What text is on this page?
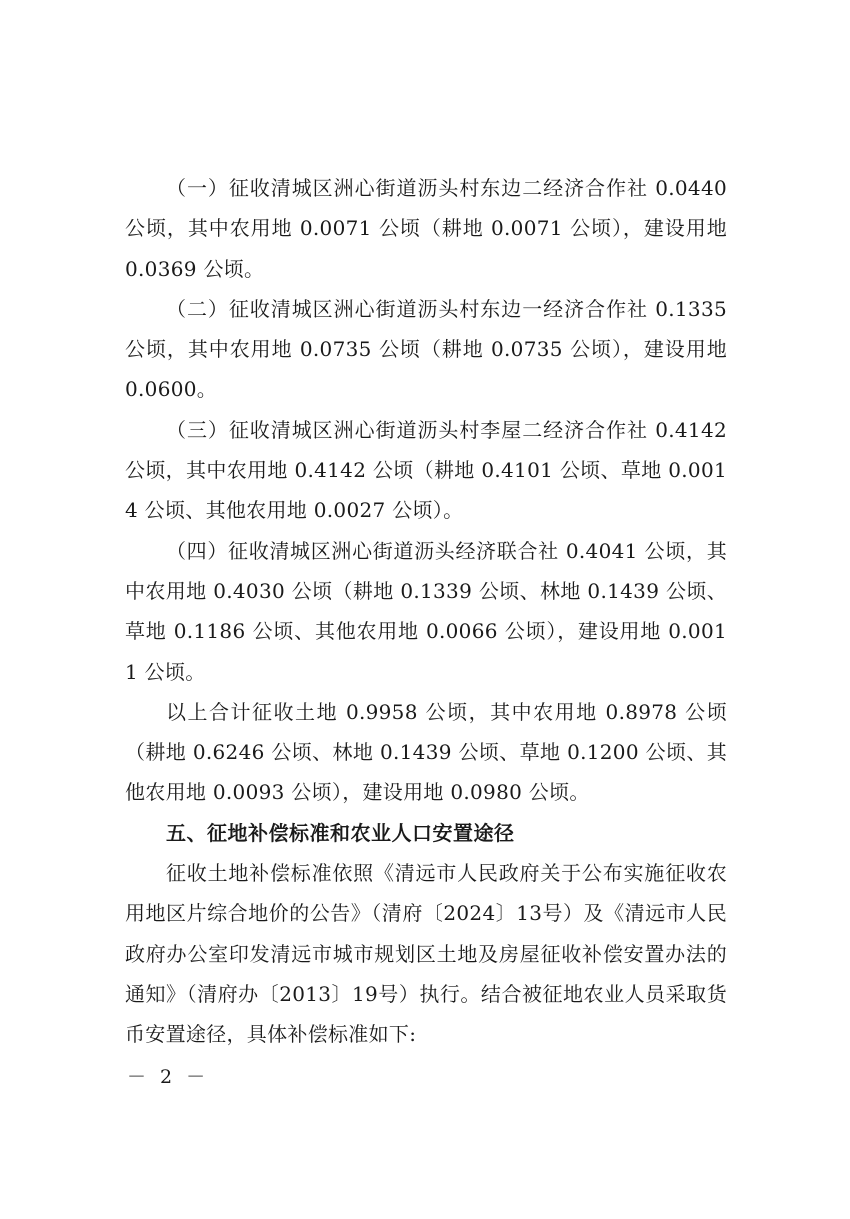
（一）征收清城区洲心街道沥头村东边二经济合作社 0.0440 公顷，其中农用地 0.0071 公顷（耕地 0.0071 公顷），建设用地 0.0369 公顷。

（二）征收清城区洲心街道沥头村东边一经济合作社 0.1335 公顷，其中农用地 0.0735 公顷（耕地 0.0735 公顷），建设用地 0.0600。

（三）征收清城区洲心街道沥头村李屋二经济合作社 0.4142 公顷，其中农用地 0.4142 公顷（耕地 0.4101 公顷、草地 0.0014 公顷、其他农用地 0.0027 公顷）。

（四）征收清城区洲心街道沥头经济联合社 0.4041 公顷，其中农用地 0.4030 公顷（耕地 0.1339 公顷、林地 0.1439 公顷、草地 0.1186 公顷、其他农用地 0.0066 公顷），建设用地 0.0011 公顷。

以上合计征收土地 0.9958 公顷，其中农用地 0.8978 公顷（耕地 0.6246 公顷、林地 0.1439 公顷、草地 0.1200 公顷、其他农用地 0.0093 公顷），建设用地 0.0980 公顷。

五、征地补偿标准和农业人口安置途径

征收土地补偿标准依照《清远市人民政府关于公布实施征收农用地区片综合地价的公告》（清府〔2024〕13号）及《清远市人民政府办公室印发清远市城市规划区土地及房屋征收补偿安置办法的通知》（清府办〔2013〕19号）执行。结合被征地农业人员采取货币安置途径，具体补偿标准如下:

－ 2 －
